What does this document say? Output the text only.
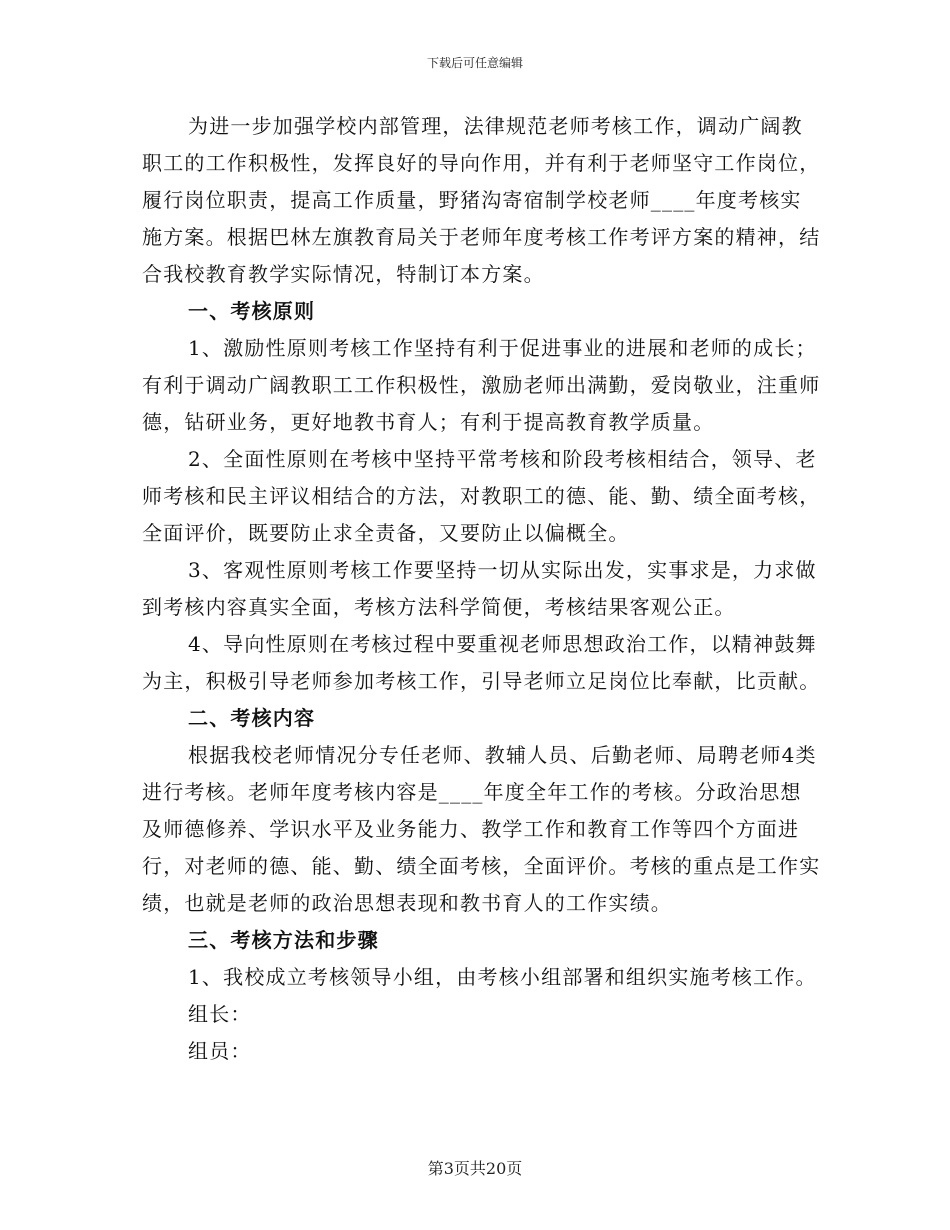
下载后可任意编辑

为进一步加强学校内部管理，法律规范老师考核工作，调动广阔教职工的工作积极性，发挥良好的导向作用，并有利于老师坚守工作岗位，履行岗位职责，提高工作质量，野猪沟寄宿制学校老师____年度考核实施方案。根据巴林左旗教育局关于老师年度考核工作考评方案的精神，结合我校教育教学实际情况，特制订本方案。

一、考核原则

1、激励性原则考核工作坚持有利于促进事业的进展和老师的成长；有利于调动广阔教职工工作积极性，激励老师出满勤，爱岗敬业，注重师德，钻研业务，更好地教书育人；有利于提高教育教学质量。

2、全面性原则在考核中坚持平常考核和阶段考核相结合，领导、老师考核和民主评议相结合的方法，对教职工的德、能、勤、绩全面考核，全面评价，既要防止求全责备，又要防止以偏概全。

3、客观性原则考核工作要坚持一切从实际出发，实事求是，力求做到考核内容真实全面，考核方法科学简便，考核结果客观公正。

4、导向性原则在考核过程中要重视老师思想政治工作，以精神鼓舞为主，积极引导老师参加考核工作，引导老师立足岗位比奉献，比贡献。

二、考核内容

根据我校老师情况分专任老师、教辅人员、后勤老师、局聘老师4类进行考核。老师年度考核内容是____年度全年工作的考核。分政治思想及师德修养、学识水平及业务能力、教学工作和教育工作等四个方面进行，对老师的德、能、勤、绩全面考核，全面评价。考核的重点是工作实绩，也就是老师的政治思想表现和教书育人的工作实绩。

三、考核方法和步骤

1、我校成立考核领导小组，由考核小组部署和组织实施考核工作。

组长：

组员：

第3页共20页
